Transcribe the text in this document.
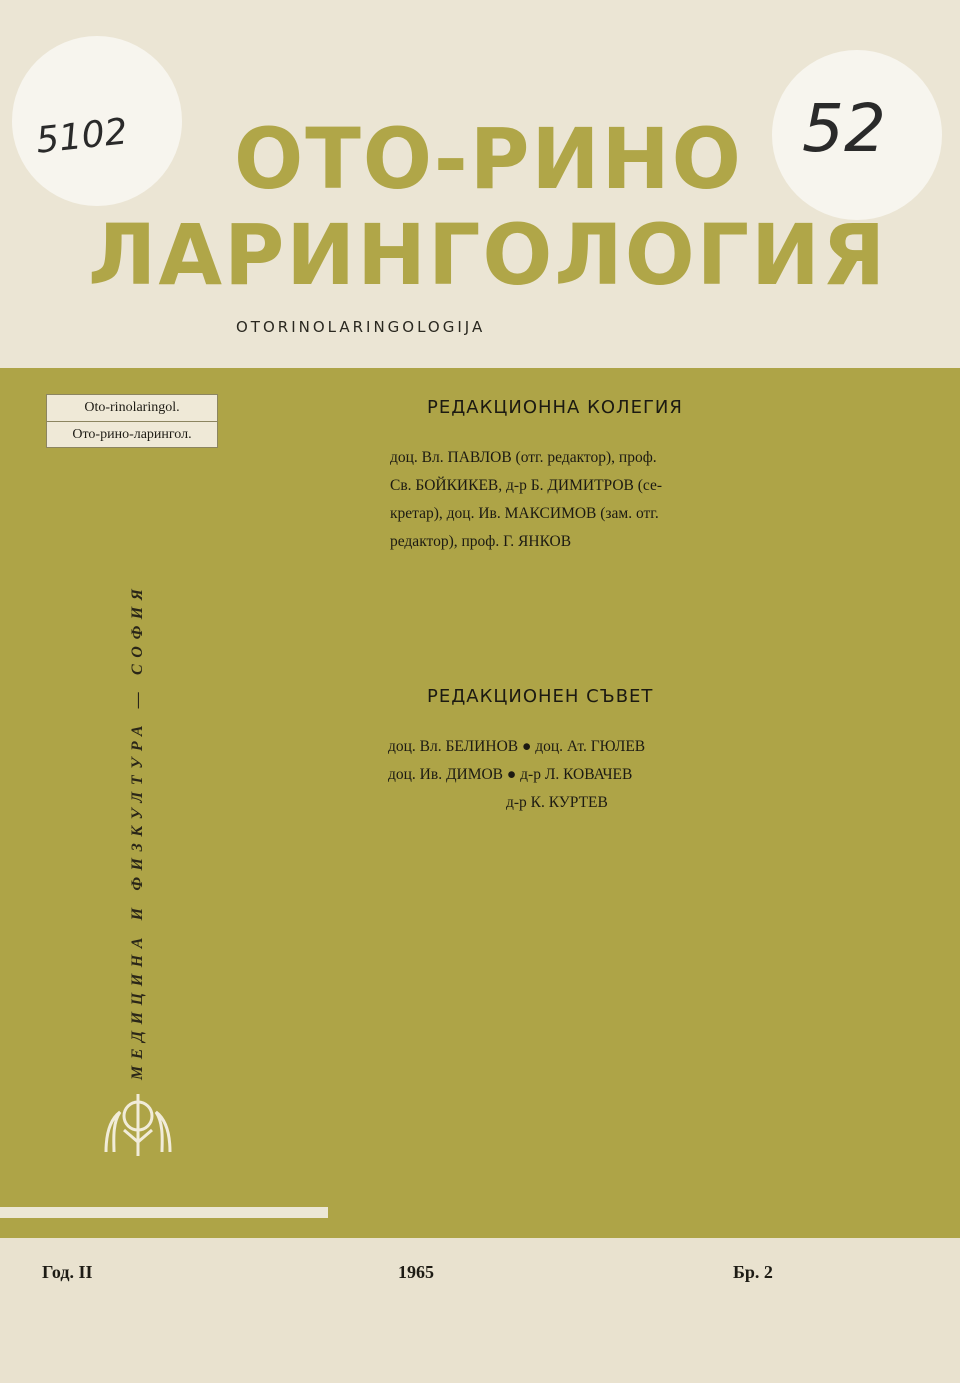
5102	52
ОТО-РИНО
ЛАРИНГОЛОГИЯ
OTORINOLARINGOLOGIJA
Oto-rinolaringol.
Ото-рино-ларингол.
МЕДИЦИНА И ФИЗКУЛТУРА — СОФИЯ
РЕДАКЦИОННА КОЛЕГИЯ
доц. Вл. ПАВЛОВ (отг. редактор), проф.
Св. БОЙКИКЕВ, д-р Б. ДИМИТРОВ (се-
кретар), доц. Ив. МАКСИМОВ (зам. отг.
редактор), проф. Г. ЯНКОВ
РЕДАКЦИОНЕН СЪВЕТ
доц. Вл. БЕЛИНОВ ● доц. Ат. ГЮЛЕВ
доц. Ив. ДИМОВ ● д-р Л. КОВАЧЕВ
д-р К. КУРТЕВ
Год. II	1965	Бр. 2
